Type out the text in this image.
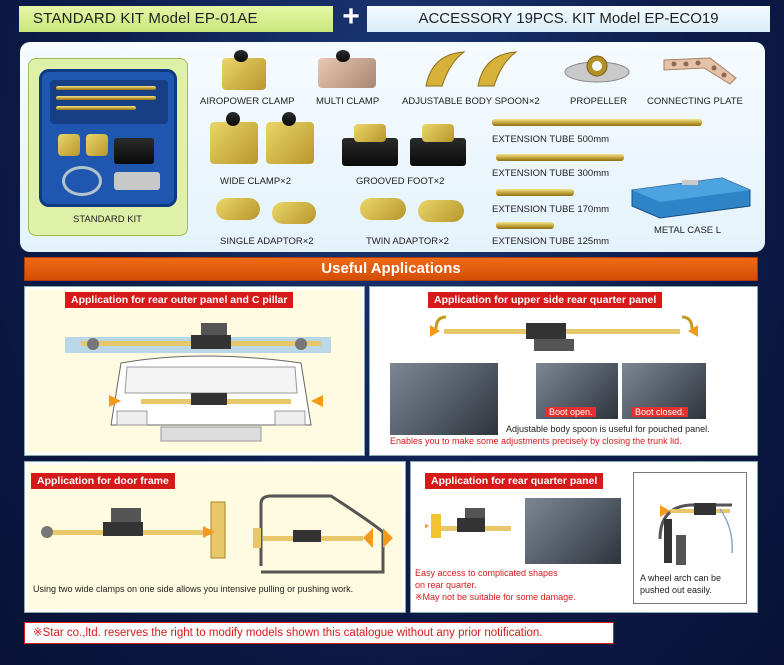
STANDARD KIT Model EP-01AE	+	ACCESSORY 19PCS. KIT Model EP-ECO19
STANDARD KIT
AIROPOWER CLAMP MULTI CLAMP ADJUSTABLE BODY SPOON×2	PROPELLER CONNECTING PLATE
WIDE CLAMP×2	GROOVED FOOT×2
EXTENSION TUBE 500mm
EXTENSION TUBE 300mm
EXTENSION TUBE 170mm
EXTENSION TUBE 125mm
METAL CASE L
SINGLE ADAPTOR×2	TWIN ADAPTOR×2
Useful Applications
Application for rear outer panel and C pillar	Application for upper side rear quarter panel
Boot open.	Boot closed.
Adjustable body spoon is useful for pouched panel.
Enables you to make some adjustments precisely by closing the trunk lid.
Application for door frame
Using two wide clamps on one side allows you intensive pulling or pushing work.
Application for rear quarter panel
Easy access to complicated shapes
on rear quarter.
※May not be suitable for some damage.
A wheel arch can be
pushed out easily.
※Star co.,ltd. reserves the right to modify models shown this catalogue without any prior notification.
